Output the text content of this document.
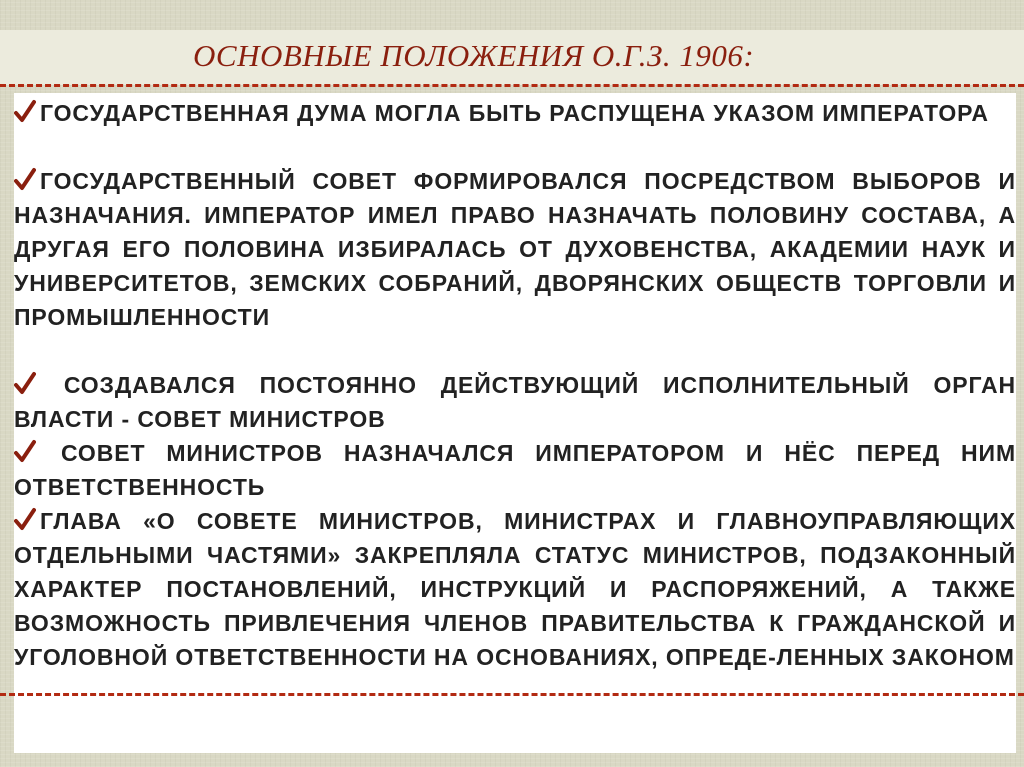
ОСНОВНЫЕ ПОЛОЖЕНИЯ О.Г.З. 1906:
ГОСУДАРСТВЕННАЯ ДУМА МОГЛА БЫТЬ РАСПУЩЕНА УКАЗОМ ИМПЕРАТОРА
ГОСУДАРСТВЕННЫЙ СОВЕТ ФОРМИРОВАЛСЯ ПОСРЕДСТВОМ ВЫБОРОВ И НАЗНАЧАНИЯ. ИМПЕРАТОР ИМЕЛ ПРАВО НАЗНАЧАТЬ ПОЛОВИНУ СОСТАВА, А ДРУГАЯ ЕГО ПОЛОВИНА ИЗБИРАЛАСЬ ОТ ДУХОВЕНСТВА, АКАДЕМИИ НАУК И УНИВЕРСИТЕТОВ, ЗЕМСКИХ СОБРАНИЙ, ДВОРЯНСКИХ ОБЩЕСТВ ТОРГОВЛИ И ПРОМЫШЛЕННОСТИ
СОЗДАВАЛСЯ ПОСТОЯННО ДЕЙСТВУЮЩИЙ ИСПОЛНИТЕЛЬНЫЙ ОРГАН ВЛАСТИ - СОВЕТ МИНИСТРОВ
СОВЕТ МИНИСТРОВ НАЗНАЧАЛСЯ ИМПЕРАТОРОМ И НЁС ПЕРЕД НИМ ОТВЕТСТВЕННОСТЬ
ГЛАВА «О СОВЕТЕ МИНИСТРОВ, МИНИСТРАХ И ГЛАВНОУПРАВЛЯЮЩИХ ОТДЕЛЬНЫМИ ЧАСТЯМИ» ЗАКРЕПЛЯЛА СТАТУС МИНИСТРОВ, ПОДЗАКОННЫЙ ХАРАКТЕР ПОСТАНОВЛЕНИЙ, ИНСТРУКЦИЙ И РАСПОРЯЖЕНИЙ, А ТАКЖЕ ВОЗМОЖНОСТЬ ПРИВЛЕЧЕНИЯ ЧЛЕНОВ ПРАВИТЕЛЬСТВА К ГРАЖДАНСКОЙ И УГОЛОВНОЙ ОТВЕТСТВЕННОСТИ НА ОСНОВАНИЯХ, ОПРЕДЕ-ЛЕННЫХ ЗАКОНОМ
